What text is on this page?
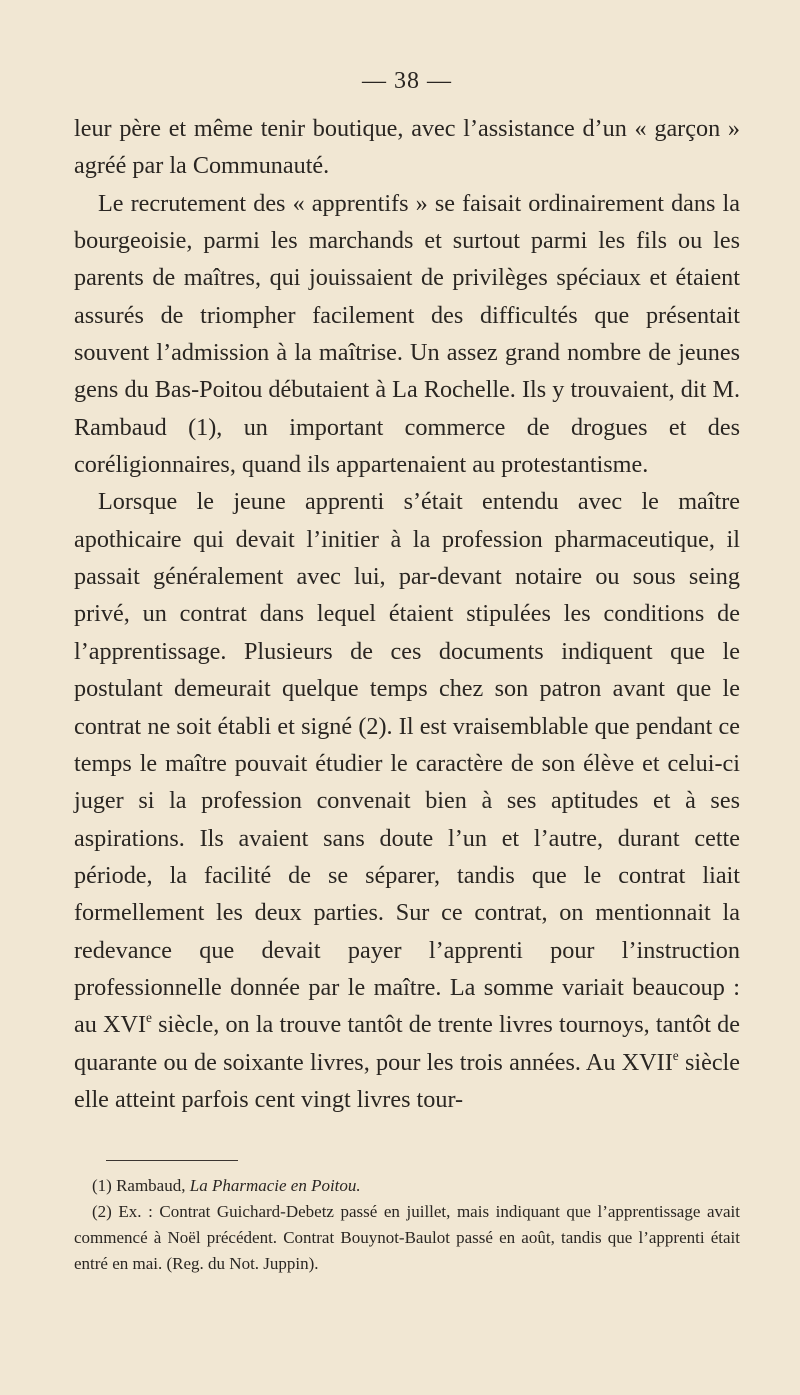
— 38 —

leur père et même tenir boutique, avec l’assistance d’un « garçon » agréé par la Communauté.

Le recrutement des « apprentifs » se faisait ordinairement dans la bourgeoisie, parmi les marchands et surtout parmi les fils ou les parents de maîtres, qui jouissaient de privilèges spéciaux et étaient assurés de triompher facilement des difficultés que présentait souvent l’admission à la maîtrise. Un assez grand nombre de jeunes gens du Bas-Poitou débutaient à La Rochelle. Ils y trouvaient, dit M. Rambaud (1), un important commerce de drogues et des coréligionnaires, quand ils appartenaient au protestantisme.

Lorsque le jeune apprenti s’était entendu avec le maître apothicaire qui devait l’initier à la profession pharmaceutique, il passait généralement avec lui, par-devant notaire ou sous seing privé, un contrat dans lequel étaient stipulées les conditions de l’apprentissage. Plusieurs de ces documents indiquent que le postulant demeurait quelque temps chez son patron avant que le contrat ne soit établi et signé (2). Il est vraisemblable que pendant ce temps le maître pouvait étudier le caractère de son élève et celui-ci juger si la profession convenait bien à ses aptitudes et à ses aspirations. Ils avaient sans doute l’un et l’autre, durant cette période, la facilité de se séparer, tandis que le contrat liait formellement les deux parties. Sur ce contrat, on mentionnait la redevance que devait payer l’apprenti pour l’instruction professionnelle donnée par le maître. La somme variait beaucoup : au XVIe siècle, on la trouve tantôt de trente livres tournoys, tantôt de quarante ou de soixante livres, pour les trois années. Au XVIIe siècle elle atteint parfois cent vingt livres tour-

(1) Rambaud, La Pharmacie en Poitou.

(2) Ex. : Contrat Guichard-Debetz passé en juillet, mais indiquant que l’apprentissage avait commencé à Noël précédent. Contrat Bouynot-Baulot passé en août, tandis que l’apprenti était entré en mai. (Reg. du Not. Juppin).
